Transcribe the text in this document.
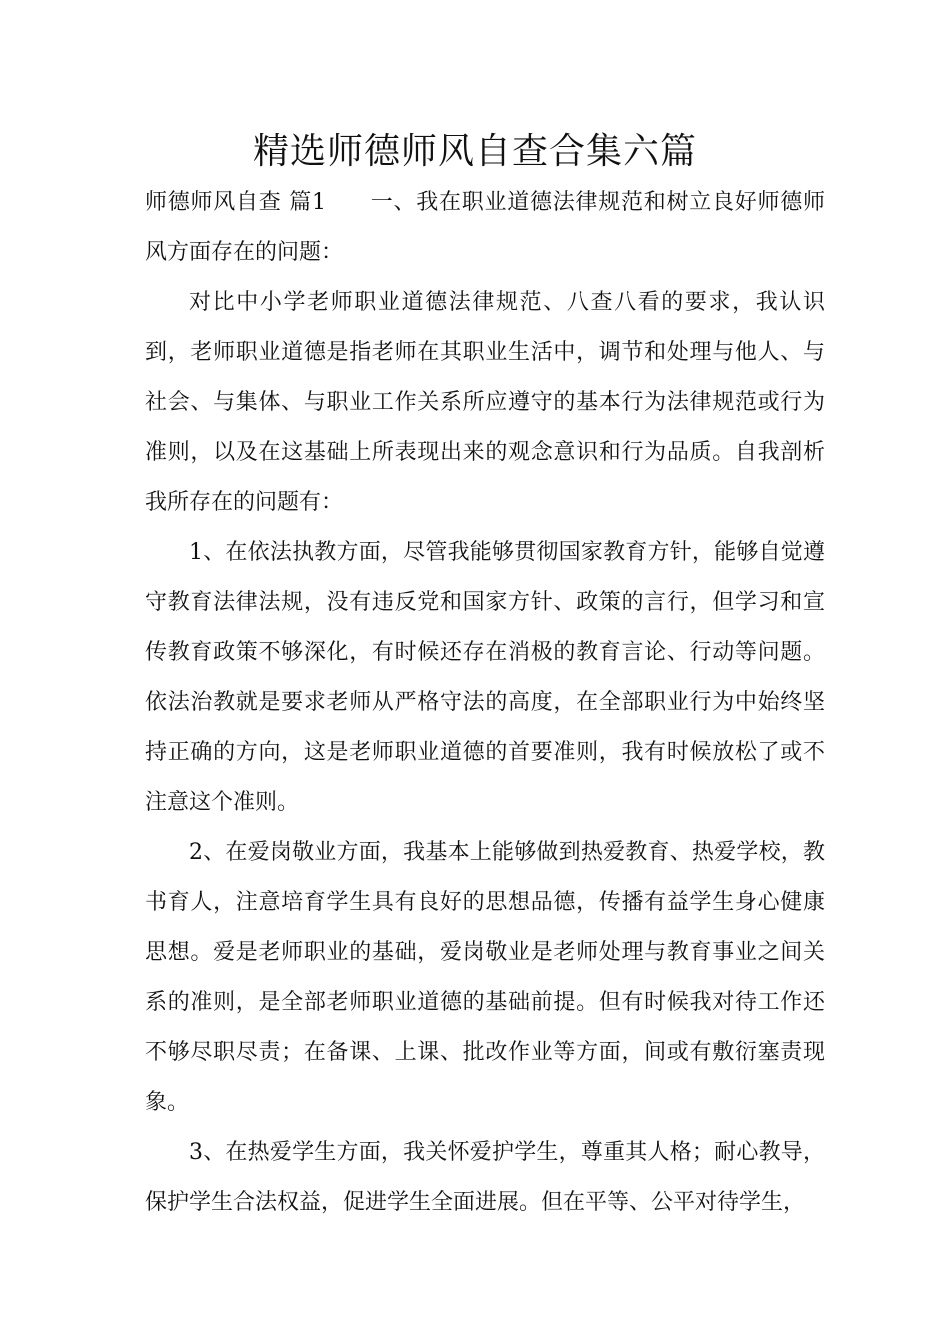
精选师德师风自查合集六篇

师德师风自查 篇1 一、我在职业道德法律规范和树立良好师德师风方面存在的问题：

对比中小学老师职业道德法律规范、八查八看的要求，我认识到，老师职业道德是指老师在其职业生活中，调节和处理与他人、与社会、与集体、与职业工作关系所应遵守的基本行为法律规范或行为准则，以及在这基础上所表现出来的观念意识和行为品质。自我剖析我所存在的问题有：

1、在依法执教方面，尽管我能够贯彻国家教育方针，能够自觉遵守教育法律法规，没有违反党和国家方针、政策的言行，但学习和宣传教育政策不够深化，有时候还存在消极的教育言论、行动等问题。依法治教就是要求老师从严格守法的高度，在全部职业行为中始终坚持正确的方向，这是老师职业道德的首要准则，我有时候放松了或不注意这个准则。

2、在爱岗敬业方面，我基本上能够做到热爱教育、热爱学校，教书育人，注意培育学生具有良好的思想品德，传播有益学生身心健康思想。爱是老师职业的基础，爱岗敬业是老师处理与教育事业之间关系的准则，是全部老师职业道德的基础前提。但有时候我对待工作还不够尽职尽责；在备课、上课、批改作业等方面，间或有敷衍塞责现象。

3、在热爱学生方面，我关怀爱护学生，尊重其人格；耐心教导，保护学生合法权益，促进学生全面进展。但在平等、公平对待学生，
